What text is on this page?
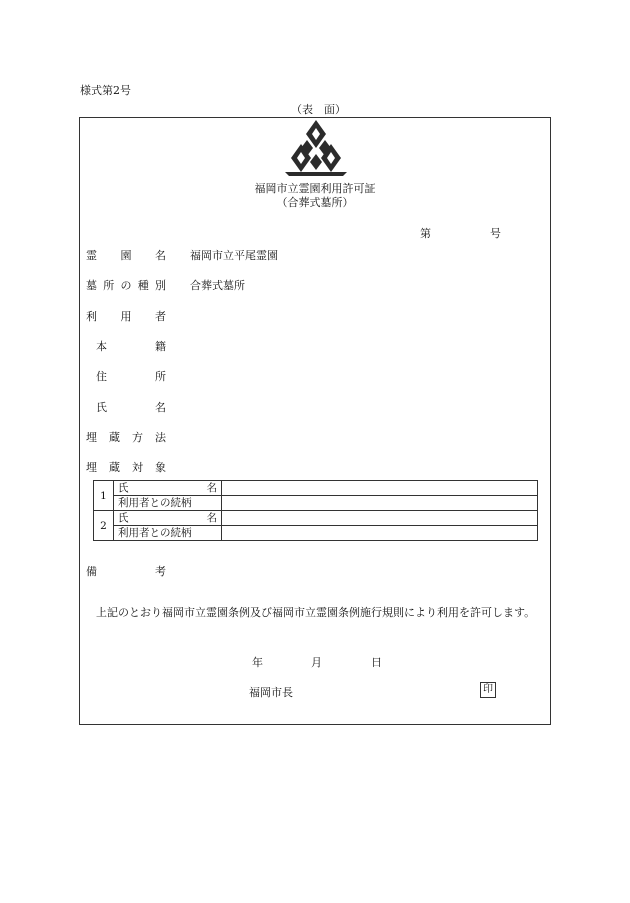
様式第2号
（表　面）
福岡市立霊園利用許可証
（合葬式墓所）
第	号
霊 園 名 福岡市立平尾霊園
墓 所 の 種 別 合葬式墓所
利 用 者
本	籍
住	所
氏	名
埋 蔵 方 法
埋 蔵 対 象
1	氏 名	

	利用者との続柄	
2	氏 名	

	利用者との続柄	
備	考
上記のとおり福岡市立霊園条例及び福岡市立霊園条例施行規則により利用を許可します。
年	月	日
福岡市長	印
